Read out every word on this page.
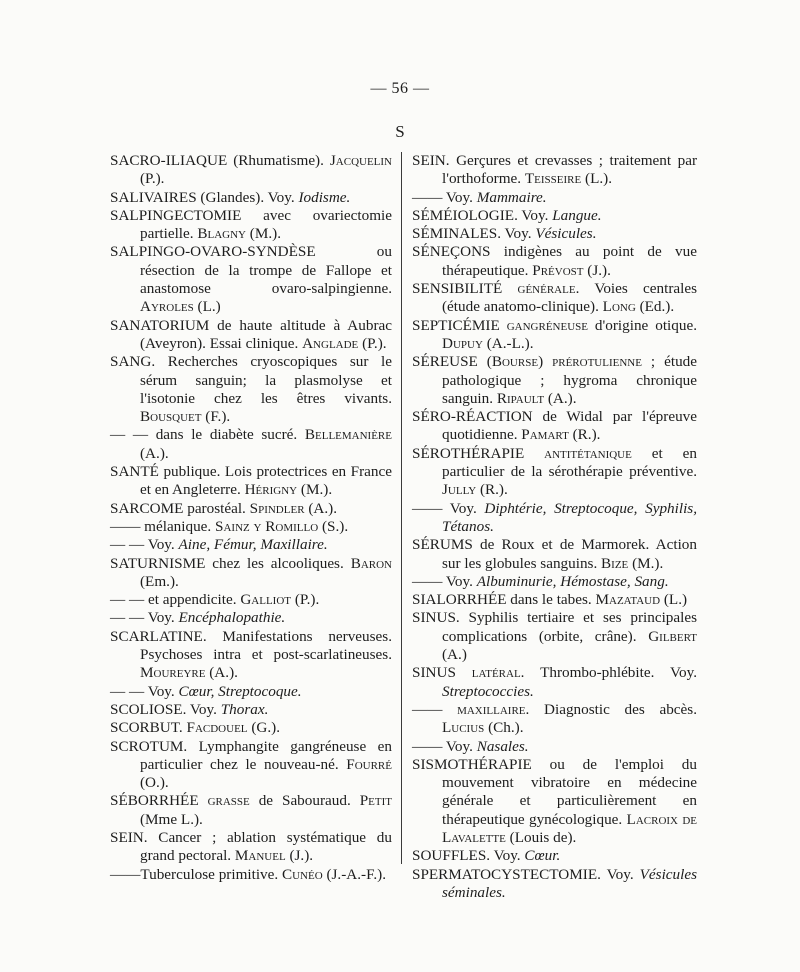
— 56 —
S

SACRO-ILIAQUE (Rhumatisme). Jacquelin (P.).

SALIVAIRES (Glandes). Voy. Iodisme.

SALPINGECTOMIE avec ovariectomie partielle. Blagny (M.).

SALPINGO-OVARO-SYNDÈSE ou résection de la trompe de Fallope et anastomose ovaro-salpingienne. Ayroles (L.)

SANATORIUM de haute altitude à Aubrac (Aveyron). Essai clinique. Anglade (P.).

SANG. Recherches cryoscopiques sur le sérum sanguin; la plasmolyse et l'isotonie chez les êtres vivants. Bousquet (F.).

— — dans le diabète sucré. Bellemanière (A.).

SANTÉ publique. Lois protectrices en France et en Angleterre. Hérigny (M.).

SARCOME parostéal. Spindler (A.).

—— mélanique. Sainz y Romillo (S.).

— — Voy. Aine, Fémur, Maxillaire.

SATURNISME chez les alcooliques. Baron (Em.).

— — et appendicite. Galliot (P.).

— — Voy. Encéphalopathie.

SCARLATINE. Manifestations nerveuses. Psychoses intra et post-scarlatineuses. Moureyre (A.).

— — Voy. Cœur, Streptocoque.

SCOLIOSE. Voy. Thorax.

SCORBUT. Facdouel (G.).

SCROTUM. Lymphangite gangréneuse en particulier chez le nouveau-né. Fourré (O.).

SÉBORRHÉE grasse de Sabouraud. Petit (Mme L.).

SEIN. Cancer ; ablation systématique du grand pectoral. Manuel (J.).

——Tuberculose primitive. Cunéo (J.-A.-F.).

SEIN. Gerçures et crevasses ; traitement par l'orthoforme. Teisseire (L.).

—— Voy. Mammaire.

SÉMÉIOLOGIE. Voy. Langue.

SÉMINALES. Voy. Vésicules.

SÉNEÇONS indigènes au point de vue thérapeutique. Prévost (J.).

SENSIBILITÉ générale. Voies centrales (étude anatomo-clinique). Long (Ed.).

SEPTICÉMIE gangréneuse d'origine otique. Dupuy (A.-L.).

SÉREUSE (Bourse) prérotulienne ; étude pathologique ; hygroma chronique sanguin. Ripault (A.).

SÉRO-RÉACTION de Widal par l'épreuve quotidienne. Pamart (R.).

SÉROTHÉRAPIE antitétanique et en particulier de la sérothérapie préventive. Jully (R.).

—— Voy. Diphtérie, Streptocoque, Syphilis, Tétanos.

SÉRUMS de Roux et de Marmorek. Action sur les globules sanguins. Bize (M.).

—— Voy. Albuminurie, Hémostase, Sang.

SIALORRHÉE dans le tabes. Mazataud (L.)

SINUS. Syphilis tertiaire et ses principales complications (orbite, crâne). Gilbert (A.)

SINUS latéral. Thrombo-phlébite. Voy. Streptococcies.

—— maxillaire. Diagnostic des abcès. Lucius (Ch.).

—— Voy. Nasales.

SISMOTHÉRAPIE ou de l'emploi du mouvement vibratoire en médecine générale et particulièrement en thérapeutique gynécologique. Lacroix de Lavalette (Louis de).

SOUFFLES. Voy. Cœur.

SPERMATOCYSTECTOMIE. Voy. Vésicules séminales.
